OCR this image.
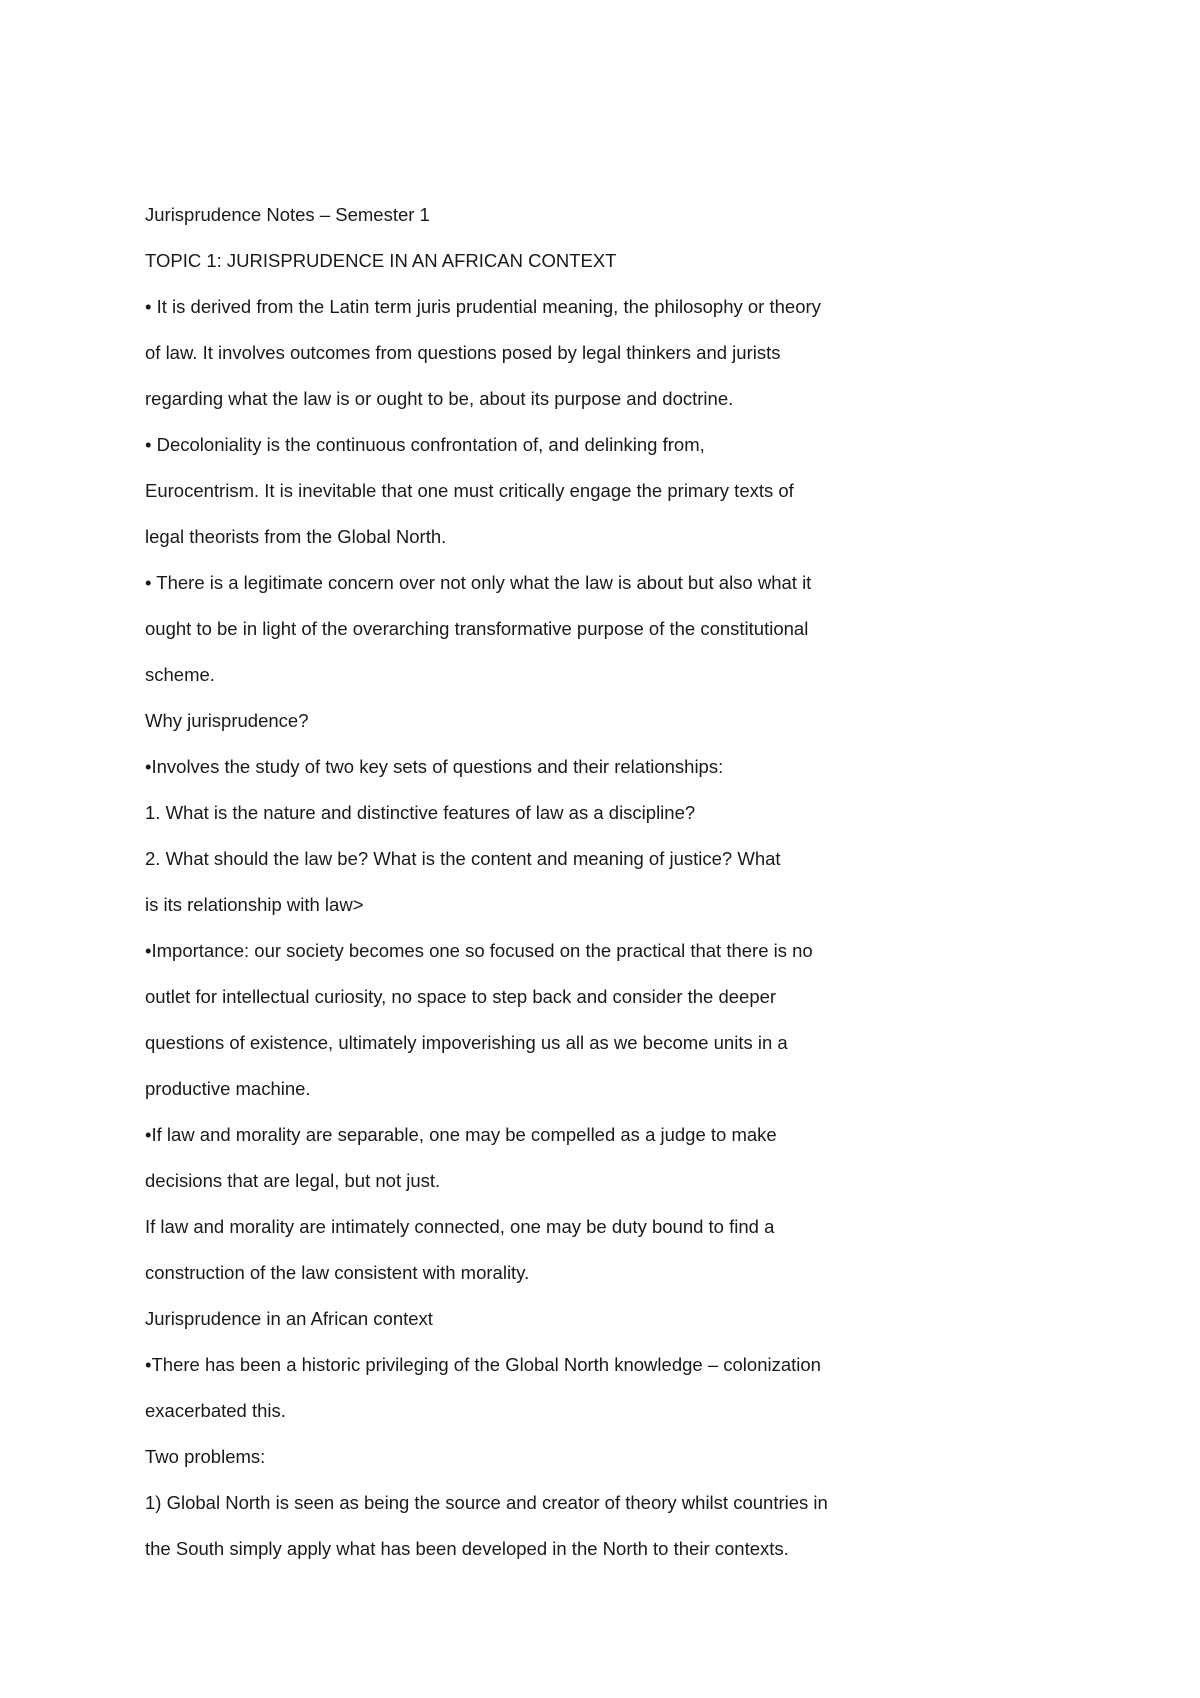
Jurisprudence Notes – Semester 1
TOPIC 1: JURISPRUDENCE IN AN AFRICAN CONTEXT
• It is derived from the Latin term juris prudential meaning, the philosophy or theory
of law. It involves outcomes from questions posed by legal thinkers and jurists
regarding what the law is or ought to be, about its purpose and doctrine.
• Decoloniality is the continuous confrontation of, and delinking from,
Eurocentrism. It is inevitable that one must critically engage the primary texts of
legal theorists from the Global North.
• There is a legitimate concern over not only what the law is about but also what it
ought to be in light of the overarching transformative purpose of the constitutional
scheme.
Why jurisprudence?
•Involves the study of two key sets of questions and their relationships:
1. What is the nature and distinctive features of law as a discipline?
2. What should the law be? What is the content and meaning of justice? What
is its relationship with law>
•Importance: our society becomes one so focused on the practical that there is no
outlet for intellectual curiosity, no space to step back and consider the deeper
questions of existence, ultimately impoverishing us all as we become units in a
productive machine.
•If law and morality are separable, one may be compelled as a judge to make
decisions that are legal, but not just.
If law and morality are intimately connected, one may be duty bound to find a
construction of the law consistent with morality.
Jurisprudence in an African context
•There has been a historic privileging of the Global North knowledge – colonization
exacerbated this.
Two problems:
1) Global North is seen as being the source and creator of theory whilst countries in
the South simply apply what has been developed in the North to their contexts.
